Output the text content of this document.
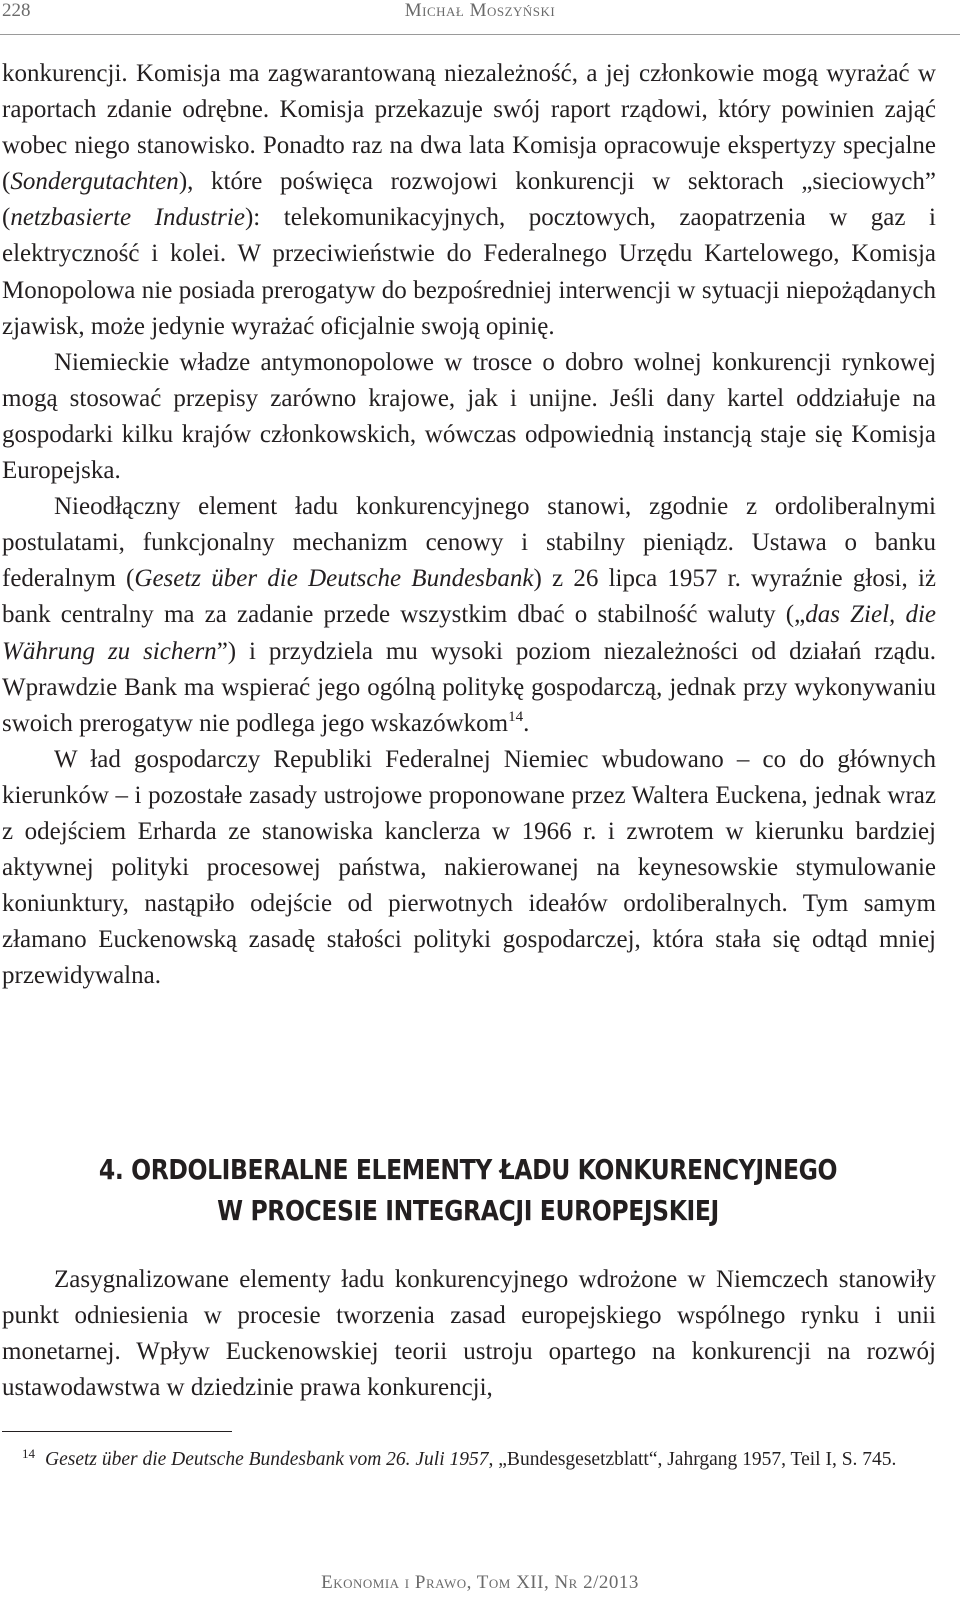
228	Michał Moszyński

konkurencji. Komisja ma zagwarantowaną niezależność, a jej członkowie mogą wyrażać w raportach zdanie odrębne. Komisja przekazuje swój raport rządowi, który powinien zająć wobec niego stanowisko. Ponadto raz na dwa lata Komisja opracowuje ekspertyzy specjalne (Sondergutachten), które poświęca rozwojowi konkurencji w sektorach „sieciowych” (netzbasierte Industrie): telekomunikacyjnych, pocztowych, zaopatrzenia w gaz i elektryczność i kolei. W przeciwieństwie do Federalnego Urzędu Kartelowego, Komisja Monopolowa nie posiada prerogatyw do bezpośredniej interwencji w sytuacji niepożądanych zjawisk, może jedynie wyrażać oficjalnie swoją opinię.

Niemieckie władze antymonopolowe w trosce o dobro wolnej konkurencji rynkowej mogą stosować przepisy zarówno krajowe, jak i unijne. Jeśli dany kartel oddziałuje na gospodarki kilku krajów członkowskich, wówczas odpowiednią instancją staje się Komisja Europejska.

Nieodłączny element ładu konkurencyjnego stanowi, zgodnie z ordoliberalnymi postulatami, funkcjonalny mechanizm cenowy i stabilny pieniądz. Ustawa o banku federalnym (Gesetz über die Deutsche Bundesbank) z 26 lipca 1957 r. wyraźnie głosi, iż bank centralny ma za zadanie przede wszystkim dbać o stabilność waluty („das Ziel, die Währung zu sichern”) i przydziela mu wysoki poziom niezależności od działań rządu. Wprawdzie Bank ma wspierać jego ogólną politykę gospodarczą, jednak przy wykonywaniu swoich prerogatyw nie podlega jego wskazówkom$^{14}$.

W ład gospodarczy Republiki Federalnej Niemiec wbudowano – co do głównych kierunków – i pozostałe zasady ustrojowe proponowane przez Waltera Euckena, jednak wraz z odejściem Erharda ze stanowiska kanclerza w 1966 r. i zwrotem w kierunku bardziej aktywnej polityki procesowej państwa, nakierowanej na keynesowskie stymulowanie koniunktury, nastąpiło odejście od pierwotnych ideałów ordoliberalnych. Tym samym złamano Euckenowską zasadę stałości polityki gospodarczej, która stała się odtąd mniej przewidywalna.

4. ORDOLIBERALNE ELEMENTY ŁADU KONKURENCYJNEGO
W PROCESIE INTEGRACJI EUROPEJSKIEJ

Zasygnalizowane elementy ładu konkurencyjnego wdrożone w Niemczech stanowiły punkt odniesienia w procesie tworzenia zasad europejskiego wspólnego rynku i unii monetarnej. Wpływ Euckenowskiej teorii ustroju opartego na konkurencji na rozwój ustawodawstwa w dziedzinie prawa konkurencji,

$^{14}$ Gesetz über die Deutsche Bundesbank vom 26. Juli 1957, „Bundesgesetzblatt“, Jahrgang 1957, Teil I, S. 745.
Ekonomia i Prawo, Tom XII, Nr 2/2013
